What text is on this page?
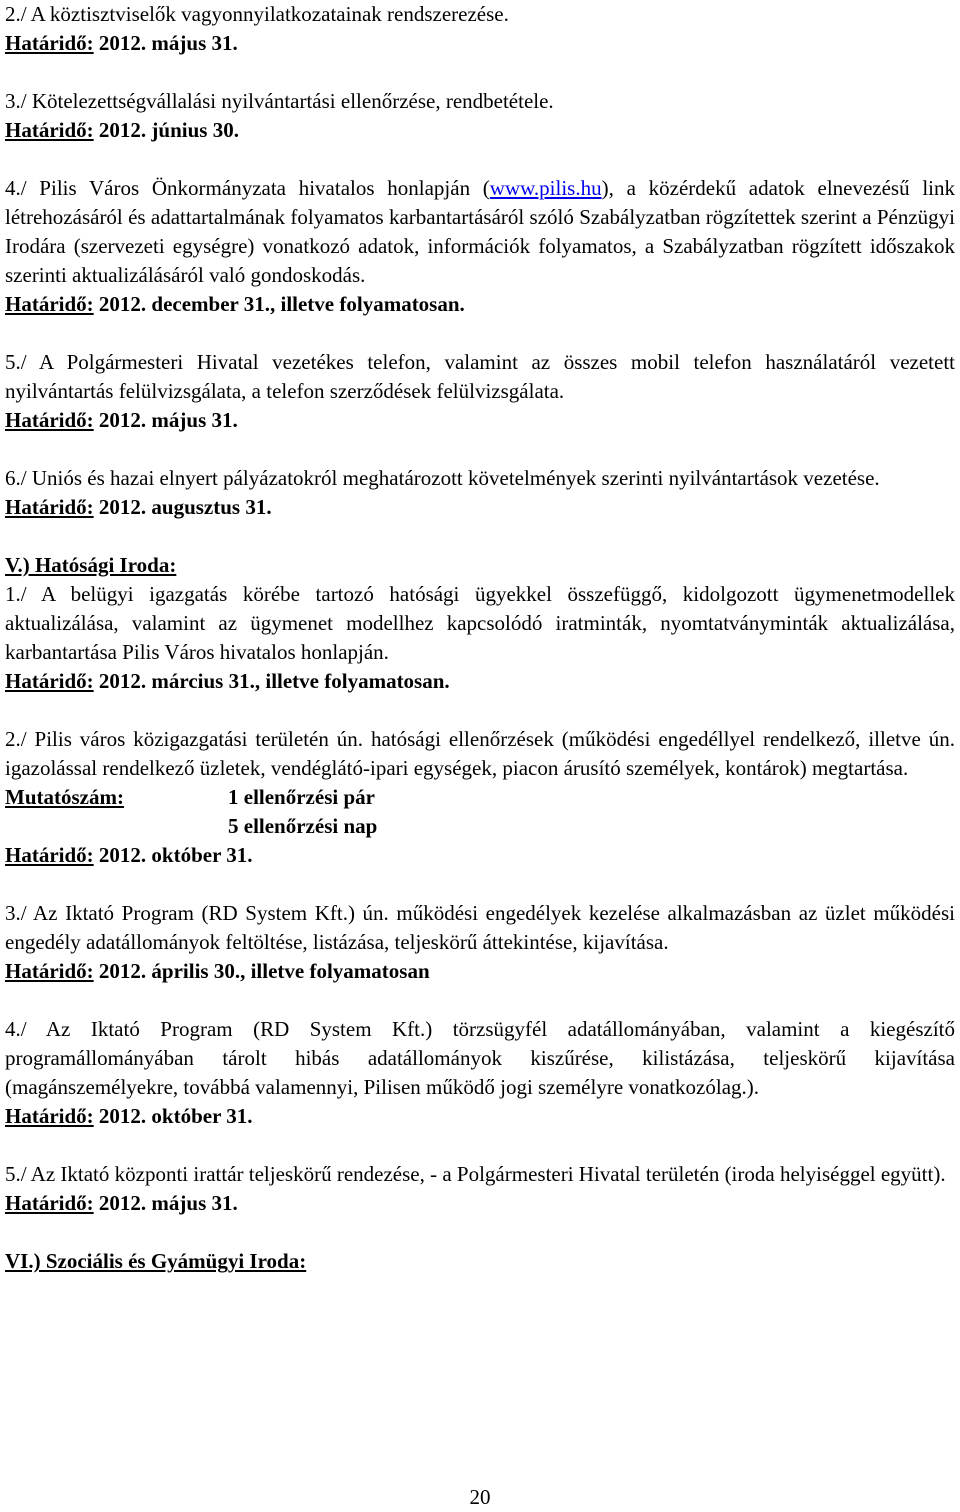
2./ A köztisztviselők vagyonnyilatkozatainak rendszerezése.

Határidő: 2012. május 31.

3./ Kötelezettségvállalási nyilvántartási ellenőrzése, rendbetétele.

Határidő: 2012. június 30.

4./ Pilis Város Önkormányzata hivatalos honlapján (www.pilis.hu), a közérdekű adatok elnevezésű link létrehozásáról és adattartalmának folyamatos karbantartásáról szóló Szabályzatban rögzítettek szerint a Pénzügyi Irodára (szervezeti egységre) vonatkozó adatok, információk folyamatos, a Szabályzatban rögzített időszakok szerinti aktualizálásáról való gondoskodás.

Határidő: 2012. december 31., illetve folyamatosan.

5./ A Polgármesteri Hivatal vezetékes telefon, valamint az összes mobil telefon használatáról vezetett nyilvántartás felülvizsgálata, a telefon szerződések felülvizsgálata.

Határidő: 2012. május 31.

6./ Uniós és hazai elnyert pályázatokról meghatározott követelmények szerinti nyilvántartások vezetése.

Határidő: 2012. augusztus 31.

V.) Hatósági Iroda:

1./ A belügyi igazgatás körébe tartozó hatósági ügyekkel összefüggő, kidolgozott ügymenetmodellek aktualizálása, valamint az ügymenet modellhez kapcsolódó iratminták, nyomtatványminták aktualizálása, karbantartása Pilis Város hivatalos honlapján.

Határidő: 2012. március 31., illetve folyamatosan.

2./ Pilis város közigazgatási területén ún. hatósági ellenőrzések (működési engedéllyel rendelkező, illetve ún. igazolással rendelkező üzletek, vendéglátó-ipari egységek, piacon árusító személyek, kontárok) megtartása.

Mutatószám:	1 ellenőrzési pár

5 ellenőrzési nap

Határidő: 2012. október 31.

3./ Az Iktató Program (RD System Kft.) ún. működési engedélyek kezelése alkalmazásban az üzlet működési engedély adatállományok feltöltése, listázása, teljeskörű áttekintése, kijavítása.

Határidő: 2012. április 30., illetve folyamatosan

4./ Az Iktató Program (RD System Kft.) törzsügyfél adatállományában, valamint a kiegészítő programállományában tárolt hibás adatállományok kiszűrése, kilistázása, teljeskörű kijavítása (magánszemélyekre, továbbá valamennyi, Pilisen működő jogi személyre vonatkozólag.).

Határidő: 2012. október 31.

5./ Az Iktató központi irattár teljeskörű rendezése, - a Polgármesteri Hivatal területén (iroda helyiséggel együtt).

Határidő: 2012. május 31.

VI.) Szociális és Gyámügyi Iroda:

20
